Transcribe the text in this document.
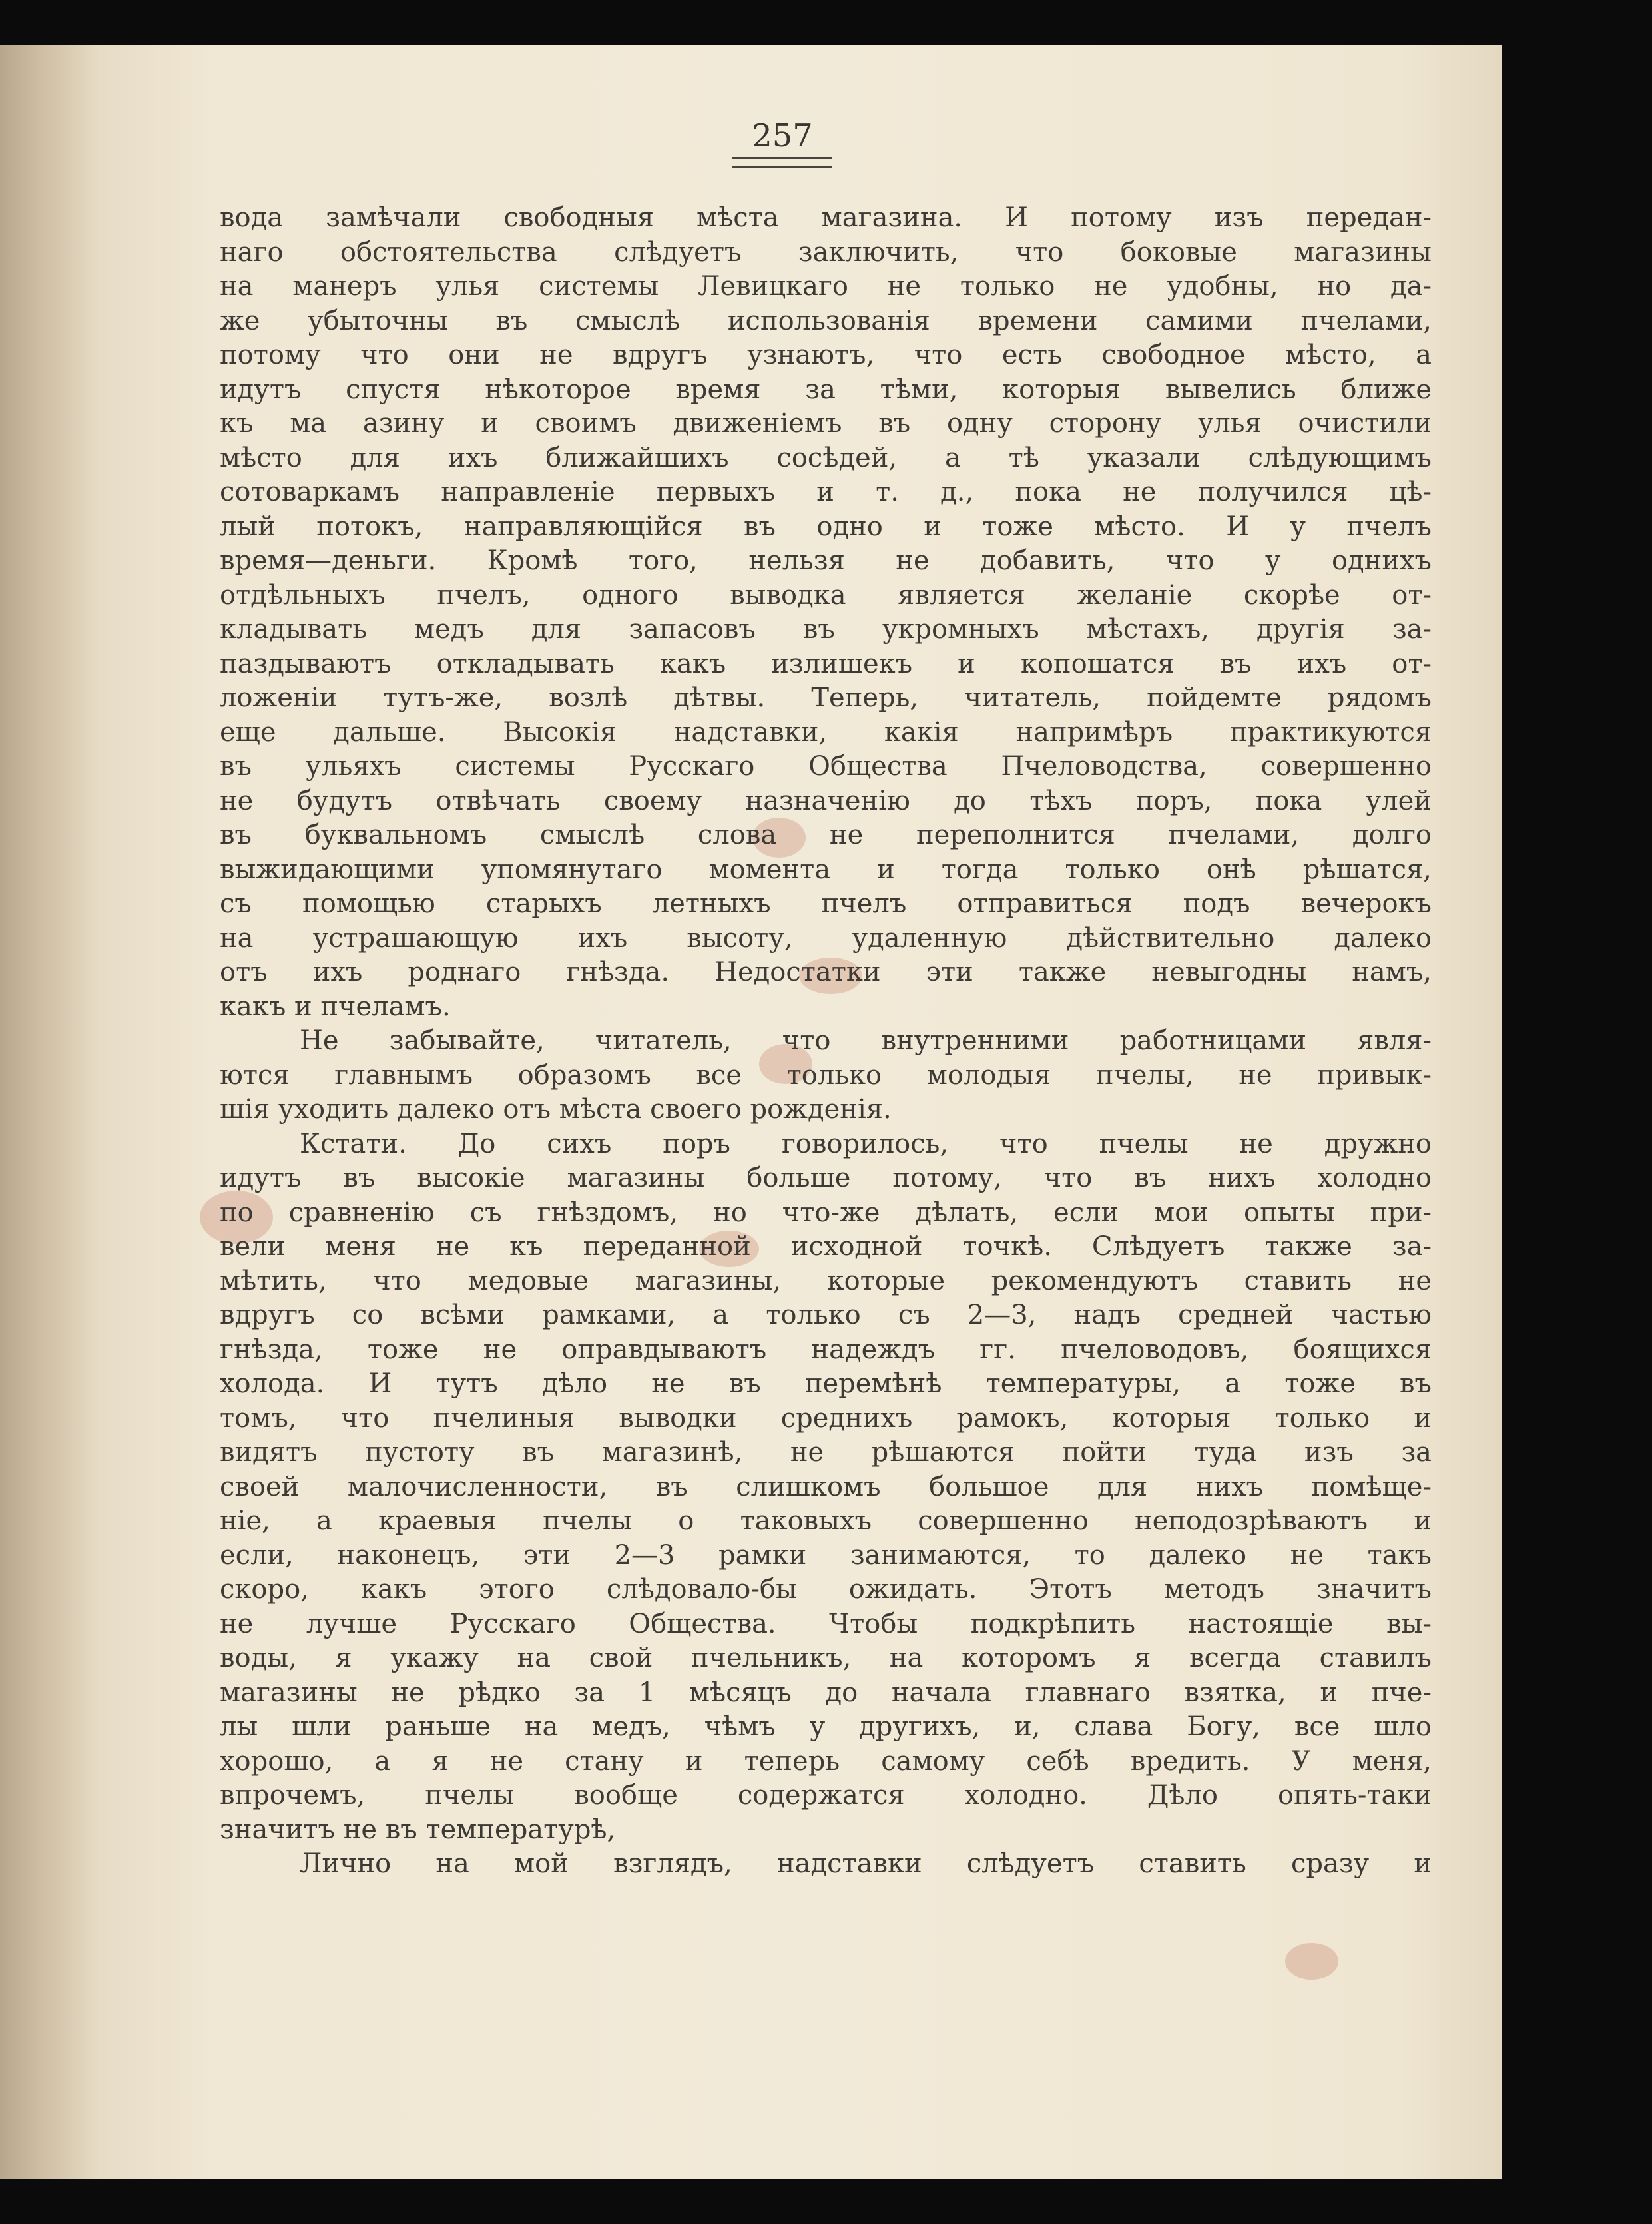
257
вода замѣчали свободныя мѣста магазина. И потому изъ передан-
наго обстоятельства слѣдуетъ заключить, что боковые магазины
на манеръ улья системы Левицкаго не только не удобны, но да-
же убыточны въ смыслѣ использованія времени самими пчелами,
потому что они не вдругъ узнаютъ, что есть свободное мѣсто, а
идутъ спустя нѣкоторое время за тѣми, которыя вывелись ближе
къ ма азину и своимъ движеніемъ въ одну сторону улья очистили
мѣсто для ихъ ближайшихъ сосѣдей, а тѣ указали слѣдующимъ
сотоваркамъ направленіе первыхъ и т. д., пока не получился цѣ-
лый потокъ, направляющійся въ одно и тоже мѣсто. И у пчелъ
время—деньги. Кромѣ того, нельзя не добавить, что у однихъ
отдѣльныхъ пчелъ, одного выводка является желаніе скорѣе от-
кладывать медъ для запасовъ въ укромныхъ мѣстахъ, другія за-
паздываютъ откладывать какъ излишекъ и копошатся въ ихъ от-
ложеніи тутъ-же, возлѣ дѣтвы. Теперь, читатель, пойдемте рядомъ
еще дальше. Высокія надставки, какія напримѣръ практикуются
въ ульяхъ системы Русскаго Общества Пчеловодства, совершенно
не будутъ отвѣчать своему назначенію до тѣхъ поръ, пока улей
въ буквальномъ смыслѣ слова не переполнится пчелами, долго
выжидающими упомянутаго момента и тогда только онѣ рѣшатся,
съ помощью старыхъ летныхъ пчелъ отправиться подъ вечерокъ
на устрашающую ихъ высоту, удаленную дѣйствительно далеко
отъ ихъ роднаго гнѣзда. Недостатки эти также невыгодны намъ,
какъ и пчеламъ.
Не забывайте, читатель, что внутренними работницами явля-
ются главнымъ образомъ все только молодыя пчелы, не привык-
шія уходить далеко отъ мѣста своего рожденія.
Кстати. До сихъ поръ говорилось, что пчелы не дружно
идутъ въ высокіе магазины больше потому, что въ нихъ холодно
по сравненію съ гнѣздомъ, но что-же дѣлать, если мои опыты при-
вели меня не къ переданной исходной точкѣ. Слѣдуетъ также за-
мѣтить, что медовые магазины, которые рекомендуютъ ставить не
вдругъ со всѣми рамками, а только съ 2—3, надъ средней частью
гнѣзда, тоже не оправдываютъ надеждъ гг. пчеловодовъ, боящихся
холода. И тутъ дѣло не въ перемѣнѣ температуры, а тоже въ
томъ, что пчелиныя выводки среднихъ рамокъ, которыя только и
видятъ пустоту въ магазинѣ, не рѣшаются пойти туда изъ за
своей малочисленности, въ слишкомъ большое для нихъ помѣще-
ніе, а краевыя пчелы о таковыхъ совершенно неподозрѣваютъ и
если, наконецъ, эти 2—3 рамки занимаются, то далеко не такъ
скоро, какъ этого слѣдовало-бы ожидать. Этотъ методъ значитъ
не лучше Русскаго Общества. Чтобы подкрѣпить настоящіе вы-
воды, я укажу на свой пчельникъ, на которомъ я всегда ставилъ
магазины не рѣдко за 1 мѣсяцъ до начала главнаго взятка, и пче-
лы шли раньше на медъ, чѣмъ у другихъ, и, слава Богу, все шло
хорошо, а я не стану и теперь самому себѣ вредить. У меня,
впрочемъ, пчелы вообще содержатся холодно. Дѣло опять-таки
значитъ не въ температурѣ,
Лично на мой взглядъ, надставки слѣдуетъ ставить сразу и
